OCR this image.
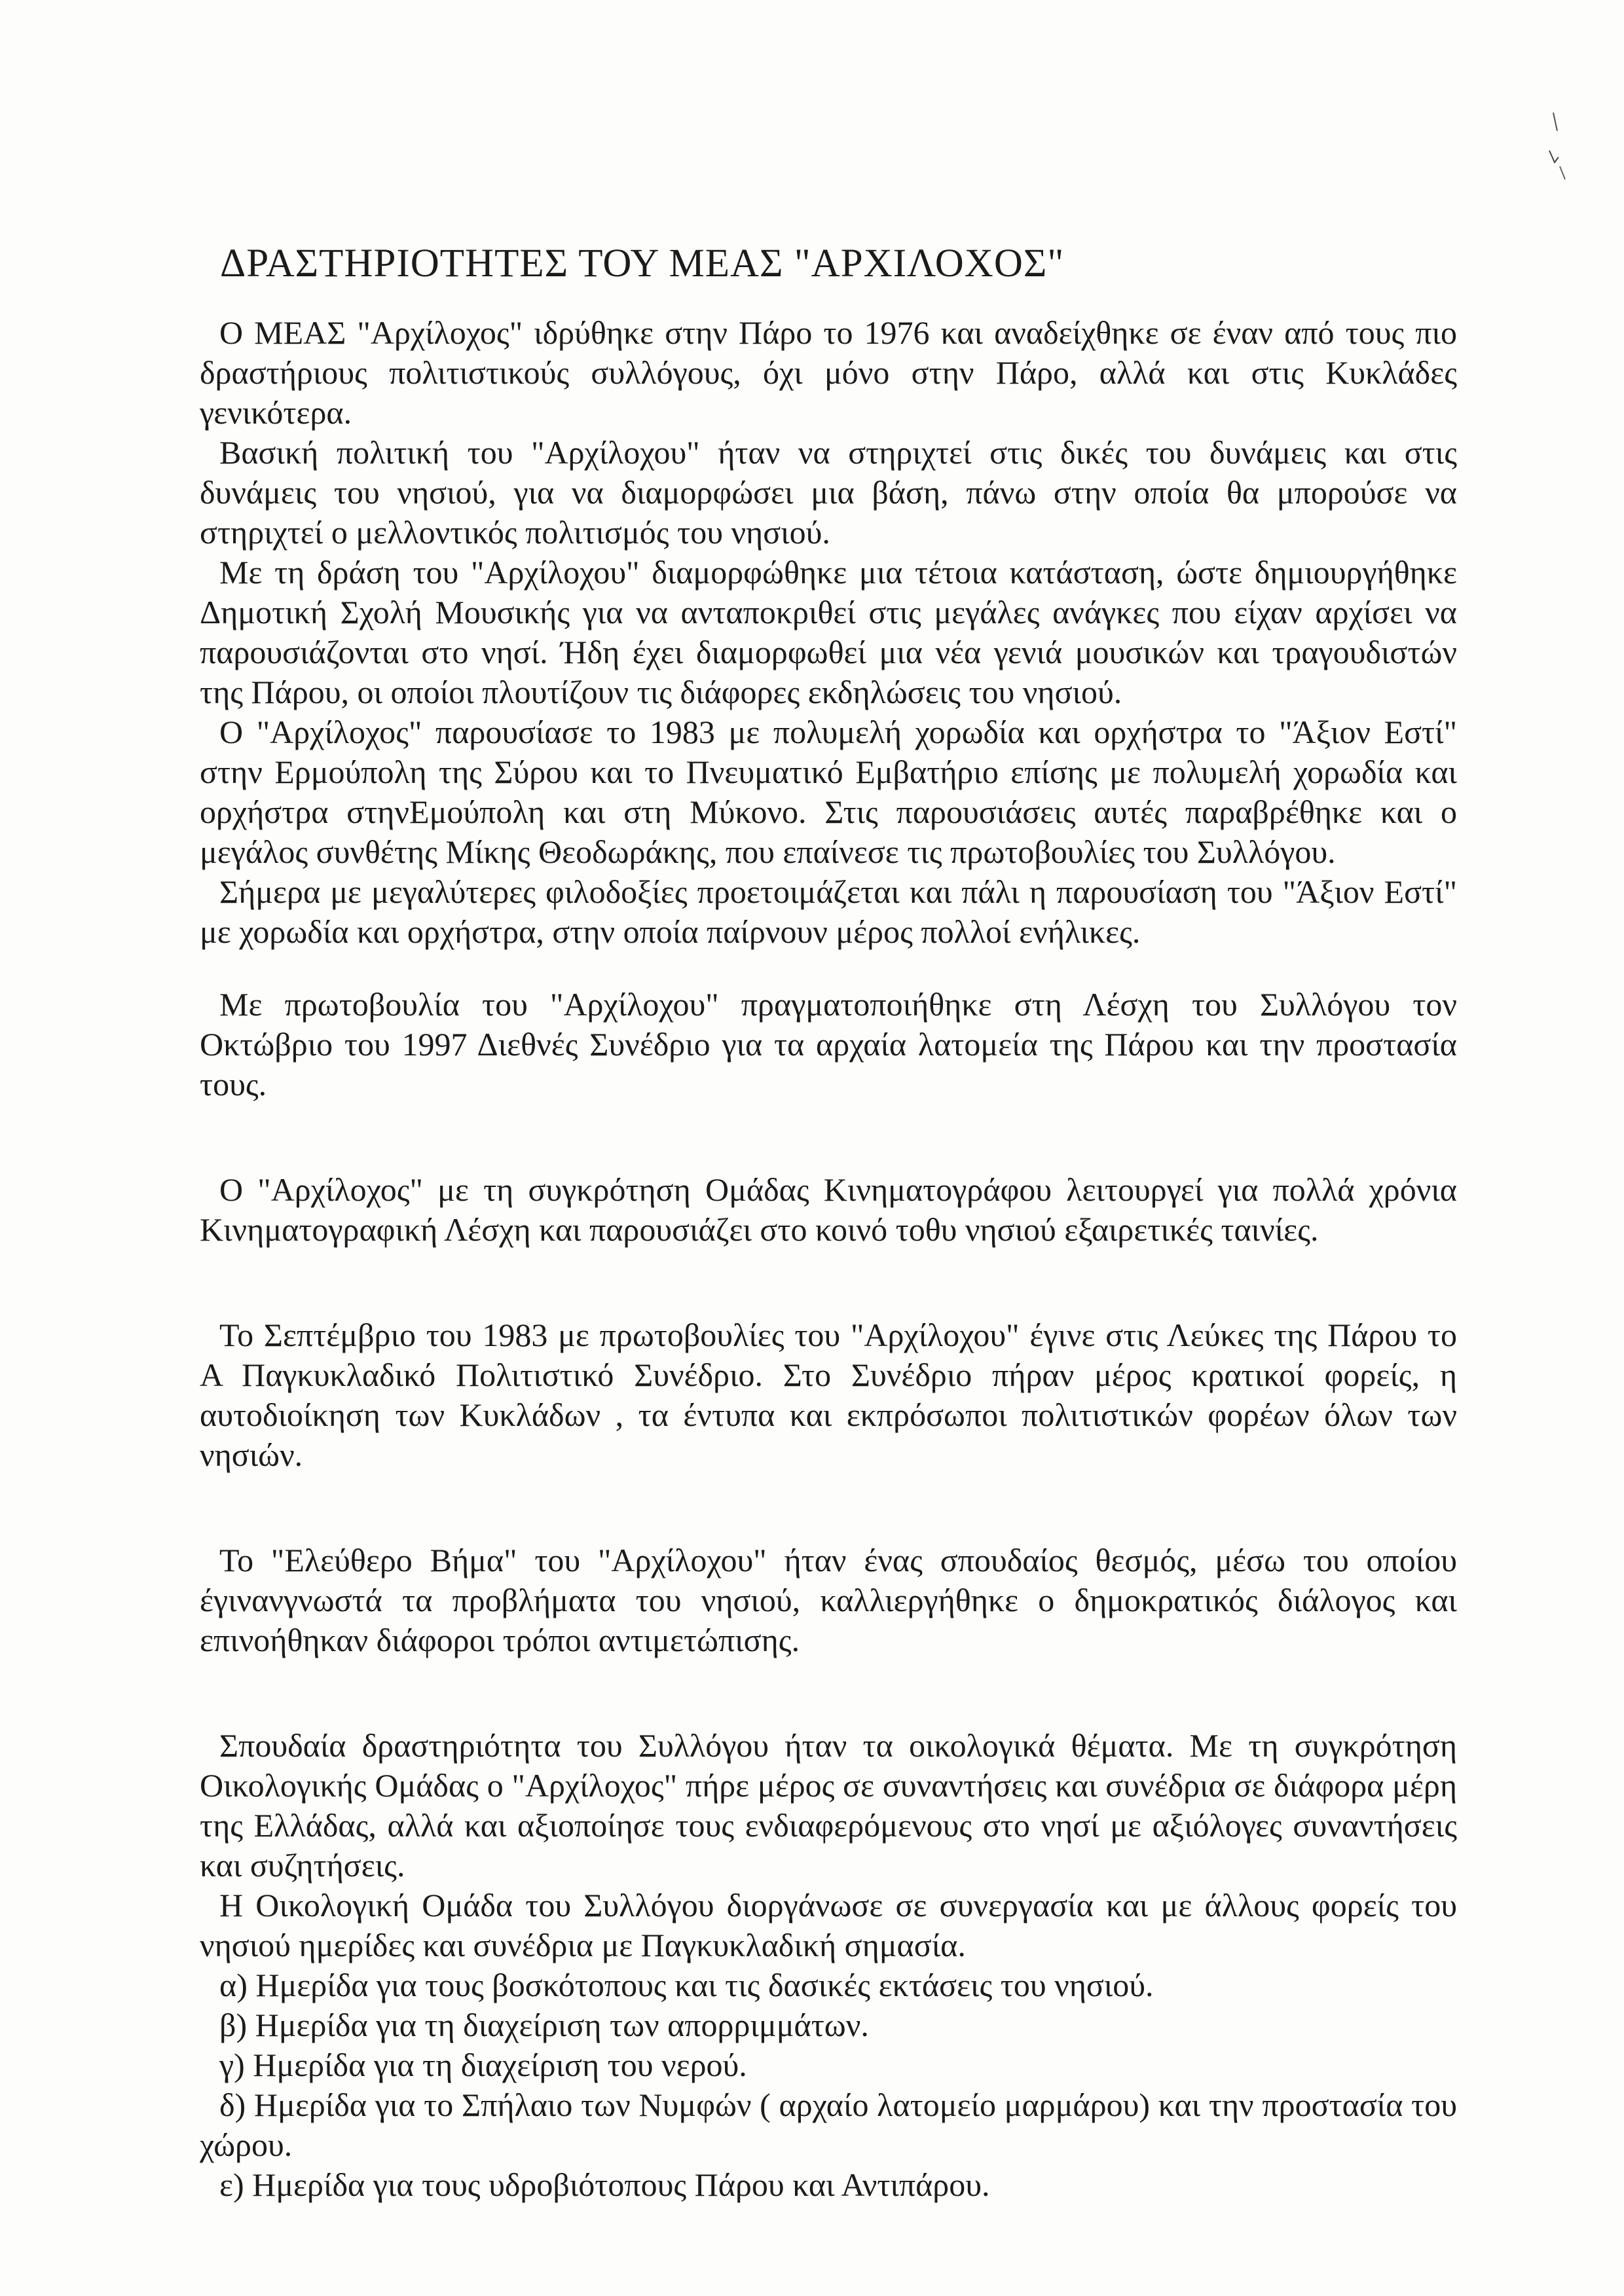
ΔΡΑΣΤΗΡΙΟΤΗΤΕΣ ΤΟΥ ΜΕΑΣ "ΑΡΧΙΛΟΧΟΣ"

Ο ΜΕΑΣ "Αρχίλοχος" ιδρύθηκε στην Πάρο το 1976 και αναδείχθηκε σε έναν από τους πιο δραστήριους πολιτιστικούς συλλόγους, όχι μόνο στην Πάρο, αλλά και στις Κυκλάδες γενικότερα.

Βασική πολιτική του "Αρχίλοχου" ήταν να στηριχτεί στις δικές του δυνάμεις και στις δυνάμεις του νησιού, για να διαμορφώσει μια βάση, πάνω στην οποία θα μπορούσε να στηριχτεί ο μελλοντικός πολιτισμός του νησιού.

Με τη δράση του "Αρχίλοχου" διαμορφώθηκε μια τέτοια κατάσταση, ώστε δημιουργήθηκε Δημοτική Σχολή Μουσικής για να ανταποκριθεί στις μεγάλες ανάγκες που είχαν αρχίσει να παρουσιάζονται στο νησί. Ήδη έχει διαμορφωθεί μια νέα γενιά μουσικών και τραγουδιστών της Πάρου, οι οποίοι πλουτίζουν τις διάφορες εκδηλώσεις του νησιού.

Ο "Αρχίλοχος" παρουσίασε το 1983 με πολυμελή χορωδία και ορχήστρα το "Άξιον Εστί" στην Ερμούπολη της Σύρου και το Πνευματικό Εμβατήριο επίσης με πολυμελή χορωδία και ορχήστρα στηνΕμούπολη και στη Μύκονο. Στις παρουσιάσεις αυτές παραβρέθηκε και ο μεγάλος συνθέτης Μίκης Θεοδωράκης, που επαίνεσε τις πρωτοβουλίες του Συλλόγου.

Σήμερα με μεγαλύτερες φιλοδοξίες προετοιμάζεται και πάλι η παρουσίαση του "Άξιον Εστί" με χορωδία και ορχήστρα, στην οποία παίρνουν μέρος πολλοί ενήλικες.

Με πρωτοβουλία του "Αρχίλοχου" πραγματοποιήθηκε στη Λέσχη του Συλλόγου τον Οκτώβριο του 1997 Διεθνές Συνέδριο για τα αρχαία λατομεία της Πάρου και την προστασία τους.

Ο "Αρχίλοχος" με τη συγκρότηση Ομάδας Κινηματογράφου λειτουργεί για πολλά χρόνια Κινηματογραφική Λέσχη και παρουσιάζει στο κοινό τοθυ νησιού εξαιρετικές ταινίες.

Το Σεπτέμβριο του 1983 με πρωτοβουλίες του "Αρχίλοχου" έγινε στις Λεύκες της Πάρου το Α Παγκυκλαδικό Πολιτιστικό Συνέδριο. Στο Συνέδριο πήραν μέρος κρατικοί φορείς, η αυτοδιοίκηση των Κυκλάδων , τα έντυπα και εκπρόσωποι πολιτιστικών φορέων όλων των νησιών.

Το "Ελεύθερο Βήμα" του "Αρχίλοχου" ήταν ένας σπουδαίος θεσμός, μέσω του οποίου έγινανγνωστά τα προβλήματα του νησιού, καλλιεργήθηκε ο δημοκρατικός διάλογος και επινοήθηκαν διάφοροι τρόποι αντιμετώπισης.

Σπουδαία δραστηριότητα του Συλλόγου ήταν τα οικολογικά θέματα. Με τη συγκρότηση Οικολογικής Ομάδας ο "Αρχίλοχος" πήρε μέρος σε συναντήσεις και συνέδρια σε διάφορα μέρη της Ελλάδας, αλλά και αξιοποίησε τους ενδιαφερόμενους στο νησί με αξιόλογες συναντήσεις και συζητήσεις.

Η Οικολογική Ομάδα του Συλλόγου διοργάνωσε σε συνεργασία και με άλλους φορείς του νησιού ημερίδες και συνέδρια με Παγκυκλαδική σημασία.

α) Ημερίδα για τους βοσκότοπους και τις δασικές εκτάσεις του νησιού.

β) Ημερίδα για τη διαχείριση των απορριμμάτων.

γ) Ημερίδα για τη διαχείριση του νερού.

δ) Ημερίδα για το Σπήλαιο των Νυμφών ( αρχαίο λατομείο μαρμάρου) και την προστασία του χώρου.

ε) Ημερίδα για τους υδροβιότοπους Πάρου και Αντιπάρου.
